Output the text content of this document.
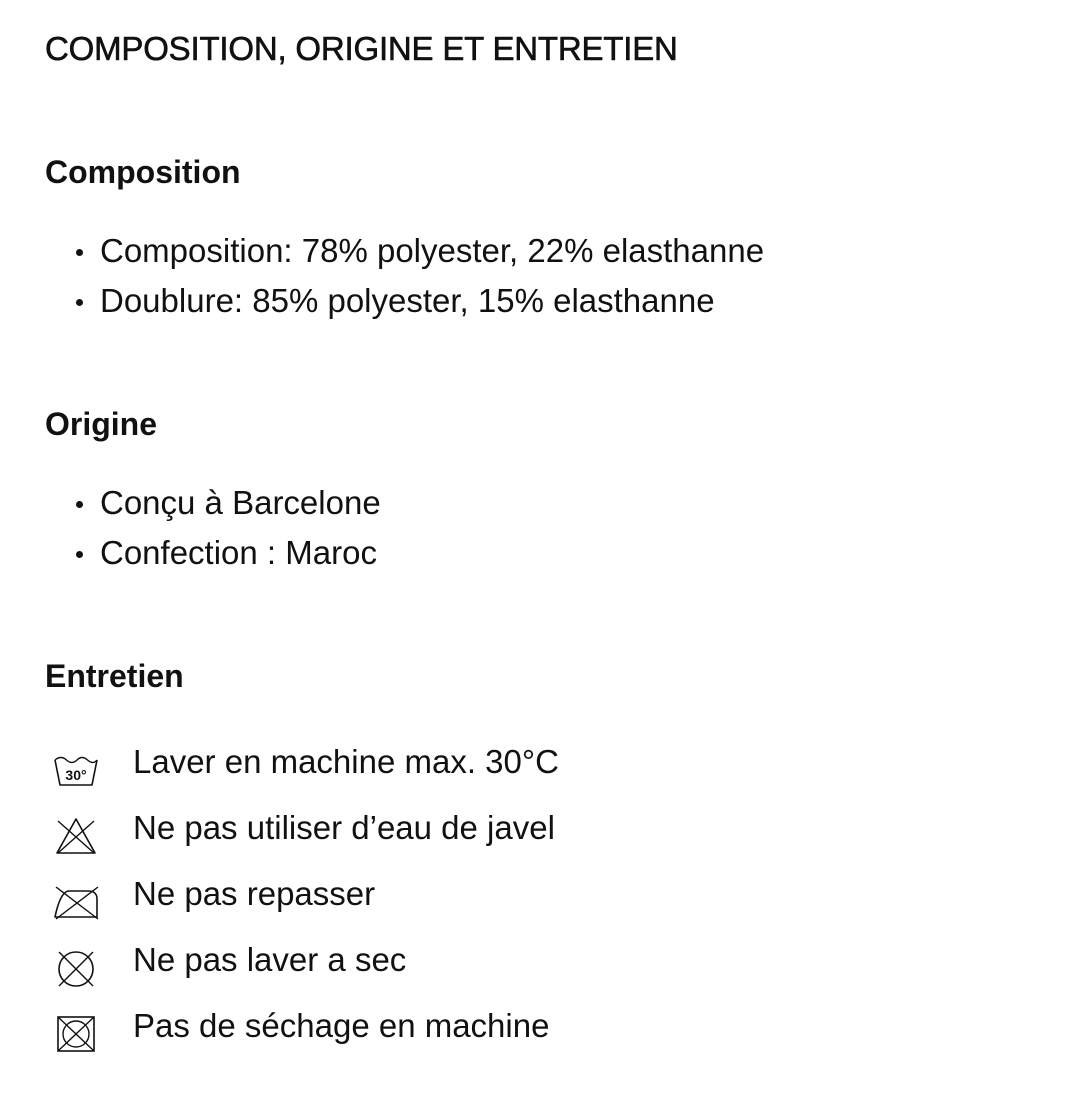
COMPOSITION, ORIGINE ET ENTRETIEN
Composition
Composition: 78% polyester, 22% elasthanne
Doublure: 85% polyester, 15% elasthanne
Origine
Conçu à Barcelone
Confection : Maroc
Entretien
30° Laver en machine max. 30°C
Ne pas utiliser d’eau de javel
Ne pas repasser
Ne pas laver a sec
Pas de séchage en machine
